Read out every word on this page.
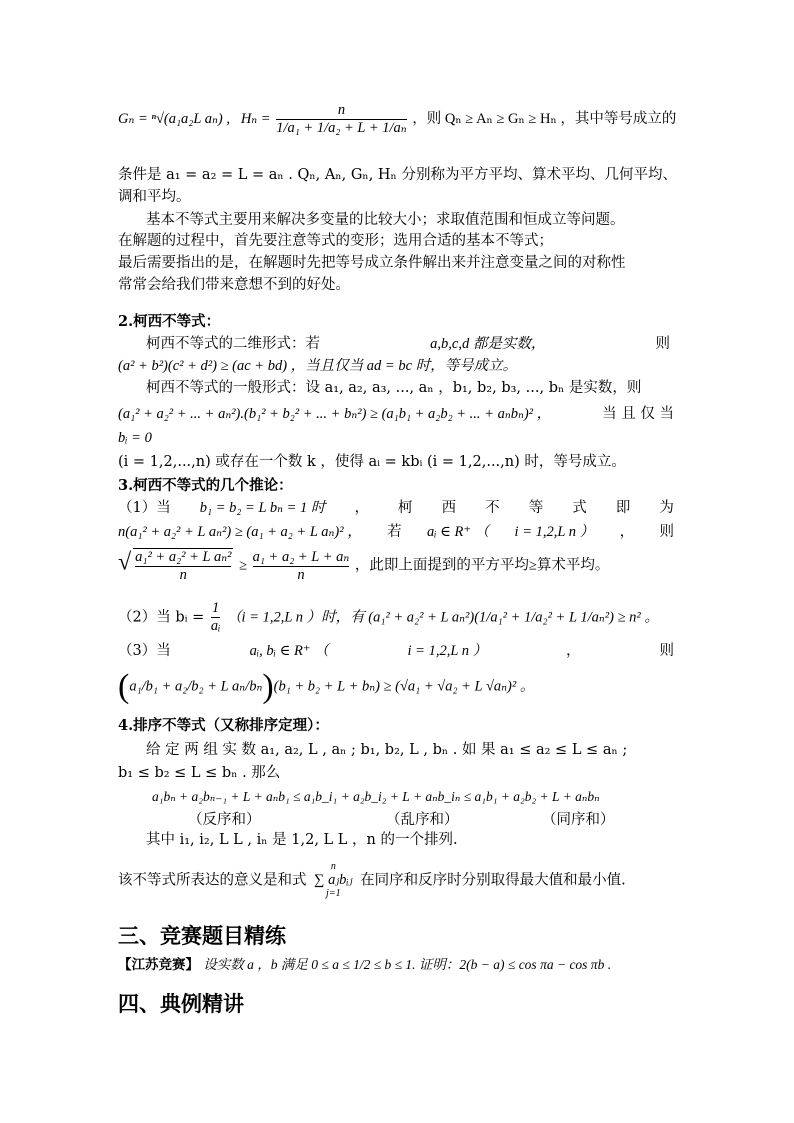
Gₙ = ⁿ√(a₁a₂L aₙ) , $H_n = \frac{n}{\text{1/a₁ + 1/a₂ + L + 1/aₙ}}$ ，则 Qₙ ≥ Aₙ ≥ Gₙ ≥ Hₙ ，其中等号成立的
条件是 a₁ = a₂ = L = aₙ . Qₙ, Aₙ, Gₙ, Hₙ 分别称为平方平均、算术平均、几何平均、
调和平均。
基本不等式主要用来解决多变量的比较大小；求取值范围和恒成立等问题。
在解题的过程中，首先要注意等式的变形；选用合适的基本不等式；
最后需要指出的是，在解题时先把等号成立条件解出来并注意变量之间的对称性
常常会给我们带来意想不到的好处。
2.柯西不等式：
柯西不等式的二维形式：若	a,b,c,d 都是实数，	则
(a² + b²)(c² + d²) ≥ (ac + bd) ，当且仅当 ad = bc 时，等号成立。
柯西不等式的一般形式：设 a₁, a₂, a₃, ..., aₙ ，b₁, b₂, b₃, ..., bₙ 是实数，则
(a₁² + a₂² + ... + aₙ²).(b₁² + b₂² + ... + bₙ²) ≥ (a₁b₁ + a₂b₂ + ... + aₙbₙ)² ，	当 且 仅 当
bᵢ = 0
(i = 1,2,...,n) 或存在一个数 k ，使得 aᵢ = kbᵢ (i = 1,2,...,n) 时，等号成立。
3.柯西不等式的几个推论：
（1）当 b₁ = b₂ = L bₙ = 1 时 ， 柯 西 不 等 式 即 为
n(a₁² + a₂² + L aₙ²) ≥ (a₁ + a₂ + L aₙ)² ， 若 aᵢ ∈ R⁺ （ i = 1,2,L n ） ， 则
√ $\frac{\text{a₁² + a₂² + L aₙ²}}{n} \ge \frac{\text{a₁ + a₂ + L + aₙ}}{n}$ ，此即上面提到的平方平均≥算术平均。
（2）当 bᵢ = $\frac{1}{\text{aᵢ}} (i = 1,2,L$ n ）时，有 (a₁² + a₂² + L aₙ²)(1/a₁² + 1/a₂² + L 1/aₙ²) ≥ n² 。
（3）当	aᵢ, bᵢ ∈ R⁺ （	i = 1,2,L n ）	，	则
(a₁/b₁ + a₂/b₂ + L aₙ/bₙ)(b₁ + b₂ + L + bₙ) ≥ (√a₁ + √a₂ + L √aₙ)² 。
4.排序不等式（又称排序定理）：
给 定 两 组 实 数 a₁, a₂, L , aₙ ; b₁, b₂, L , bₙ . 如 果 a₁ ≤ a₂ ≤ L ≤ aₙ ;
b₁ ≤ b₂ ≤ L ≤ bₙ . 那么
a₁bₙ + a₂bₙ₋₁ + L + aₙb₁ ≤ a₁b_i₁ + a₂b_i₂ + L + aₙb_iₙ ≤ a₁b₁ + a₂b₂ + L + aₙbₙ
（反序和）	（乱序和）	（同序和）
其中 i₁, i₂, L L , iₙ 是 1,2, L L ，n 的一个排列.
该不等式所表达的意义是和式
n
∑ aⱼbᵢⱼ
j=1
在同序和反序时分别取得最大值和最小值.
三、竞赛题目精练
【江苏竞赛】 设实数 a ，b 满足 0 ≤ a ≤ 1/2 ≤ b ≤ 1. 证明：2(b − a) ≤ cos πa − cos πb .
四、典例精讲
